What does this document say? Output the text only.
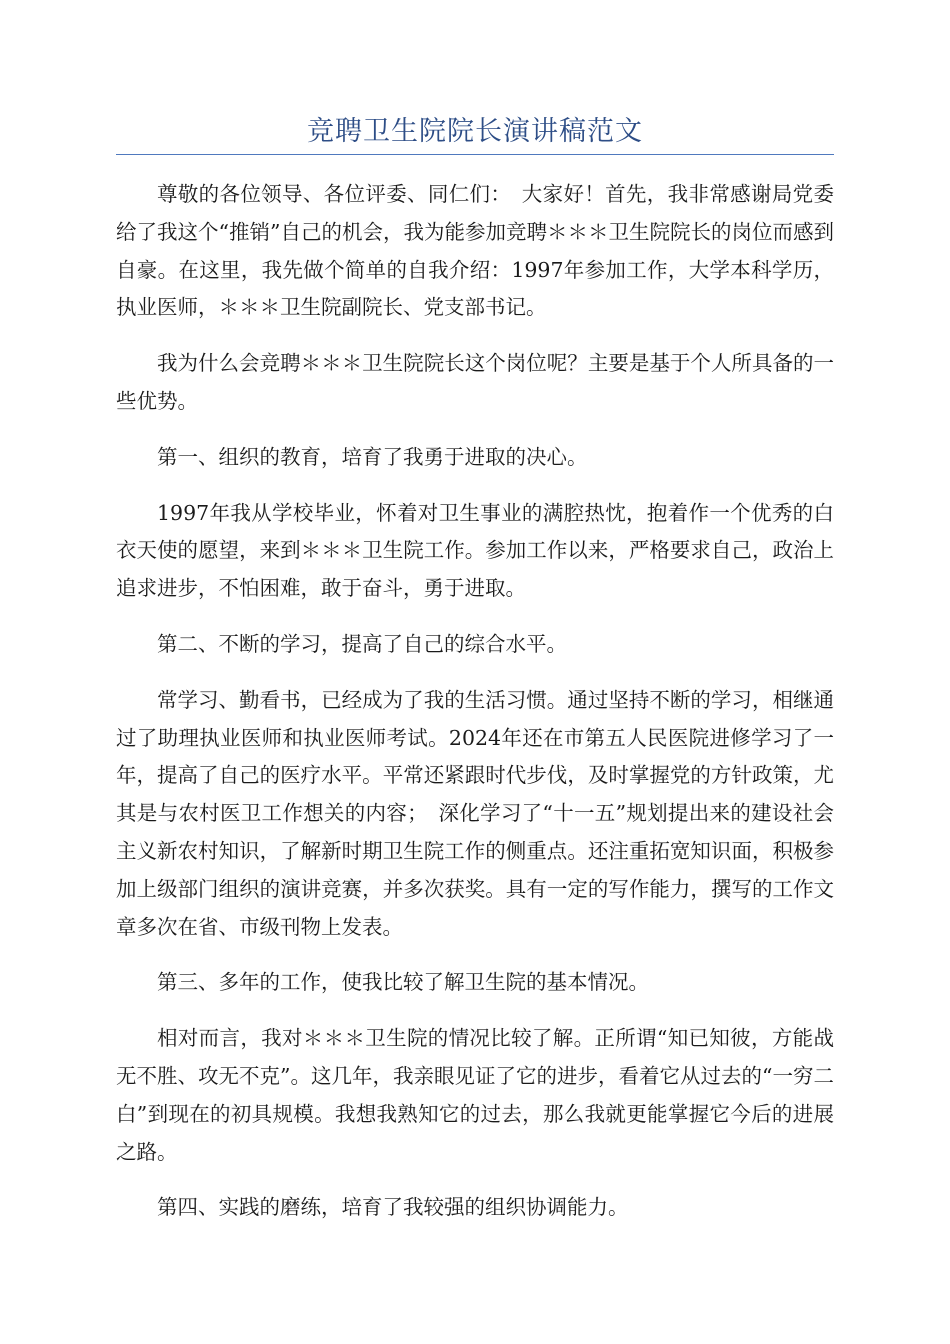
竞聘卫生院院长演讲稿范文

尊敬的各位领导、各位评委、同仁们：　大家好！首先，我非常感谢局党委给了我这个“推销”自己的机会，我为能参加竞聘＊＊＊卫生院院长的岗位而感到自豪。在这里，我先做个简单的自我介绍：1997年参加工作，大学本科学历，执业医师，＊＊＊卫生院副院长、党支部书记。

我为什么会竞聘＊＊＊卫生院院长这个岗位呢？主要是基于个人所具备的一些优势。

第一、组织的教育，培育了我勇于进取的决心。

1997年我从学校毕业，怀着对卫生事业的满腔热忱，抱着作一个优秀的白衣天使的愿望，来到＊＊＊卫生院工作。参加工作以来，严格要求自己，政治上追求进步，不怕困难，敢于奋斗，勇于进取。

第二、不断的学习，提高了自己的综合水平。

常学习、勤看书，已经成为了我的生活习惯。通过坚持不断的学习，相继通过了助理执业医师和执业医师考试。2024年还在市第五人民医院进修学习了一年，提高了自己的医疗水平。平常还紧跟时代步伐，及时掌握党的方针政策，尤其是与农村医卫工作想关的内容；　深化学习了“十一五”规划提出来的建设社会主义新农村知识，了解新时期卫生院工作的侧重点。还注重拓宽知识面，积极参加上级部门组织的演讲竞赛，并多次获奖。具有一定的写作能力，撰写的工作文章多次在省、市级刊物上发表。

第三、多年的工作，使我比较了解卫生院的基本情况。

相对而言，我对＊＊＊卫生院的情况比较了解。正所谓“知已知彼，方能战无不胜、攻无不克”。这几年，我亲眼见证了它的进步，看着它从过去的“一穷二白”到现在的初具规模。我想我熟知它的过去，那么我就更能掌握它今后的进展之路。

第四、实践的磨练，培育了我较强的组织协调能力。
